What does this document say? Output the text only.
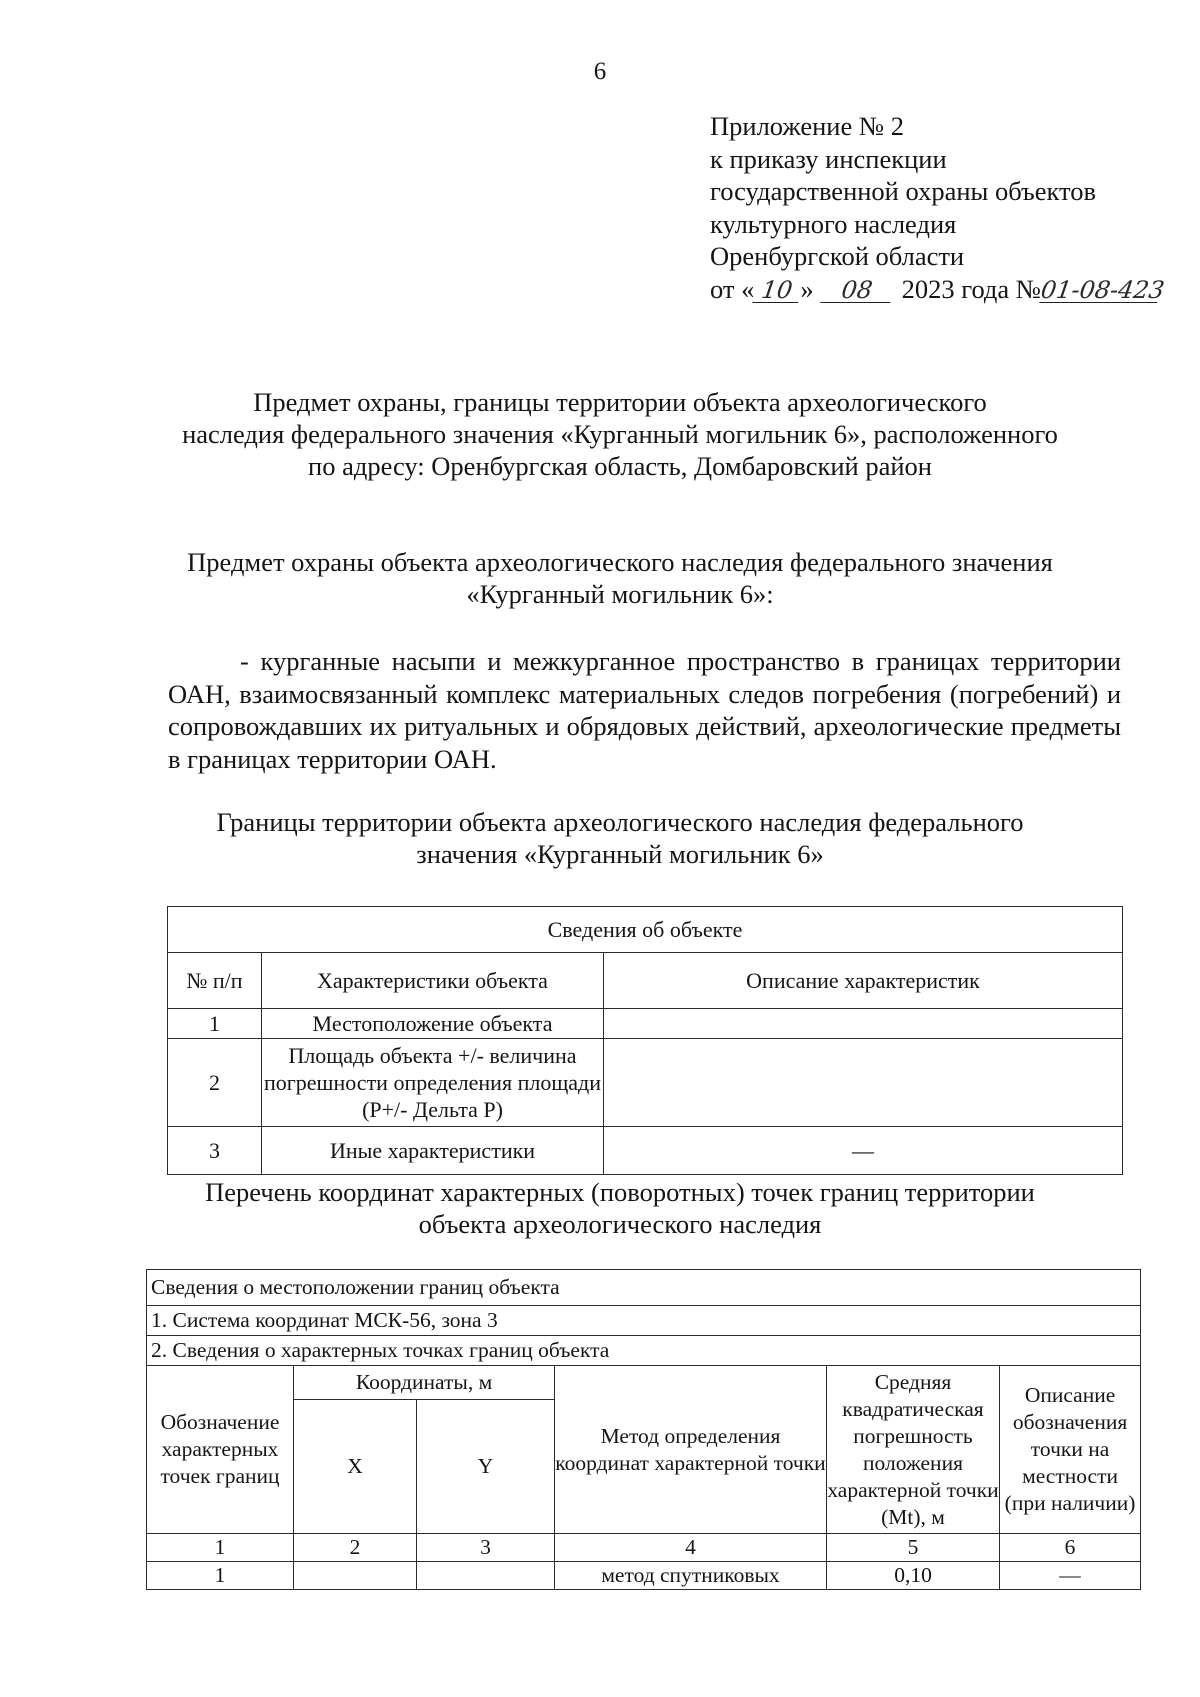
6
Приложение № 2
к приказу инспекции
государственной охраны объектов
культурного наследия
Оренбургской области
от « 10 » 08 2023 года №01-08-423

Предмет охраны, границы территории объекта археологического

наследия федерального значения «Курганный могильник 6», расположенного

по адресу: Оренбургская область, Домбаровский район

Предмет охраны объекта археологического наследия федерального значения

«Курганный могильник 6»:

- курганные насыпи и межкурганное пространство в границах территории ОАН, взаимосвязанный комплекс материальных следов погребения (погребений) и сопровождавших их ритуальных и обрядовых действий, археологические предметы в границах территории ОАН.

Границы территории объекта археологического наследия федерального

значения «Курганный могильник 6»

Сведения об объекте		
№ п/п	Характеристики объекта	Описание характеристик
1	Местоположение объекта	
2	Площадь объекта +/- величина погрешности определения площади (P+/- Дельта P)	
3	Иные характеристики	—

Перечень координат характерных (поворотных) точек границ территории

объекта археологического наследия

Сведения о местоположении границ объекта					
1. Система координат МСК-56, зона 3					
2. Сведения о характерных точках границ объекта					
Обозначение характерных точек границ	Координаты, м		Метод определения координат характерной точки	Средняя квадратическая погрешность положения характерной точки (Mt), м	Описание обозначения точки на местности (при наличии)
	X	Y			
1	2	3	4	5	6
1			метод спутниковых	0,10	—
